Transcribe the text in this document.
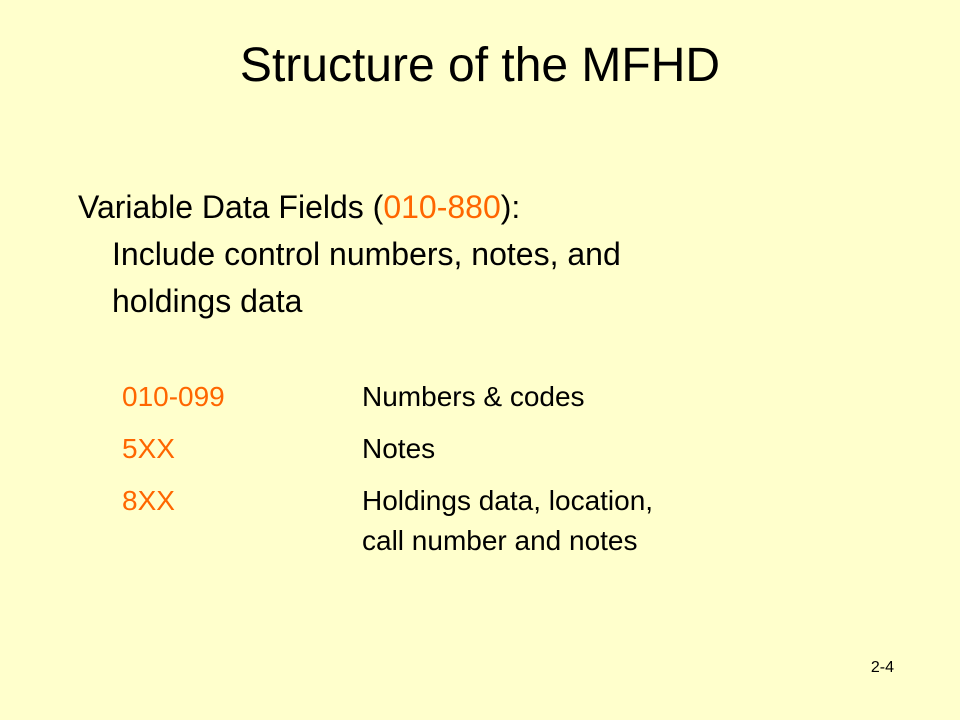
Structure of the MFHD
Variable Data Fields (010-880):
Include control numbers, notes, and
holdings data
010-099	Numbers & codes
5XX	Notes
8XX	Holdings data, location,
call number and notes
2-4
